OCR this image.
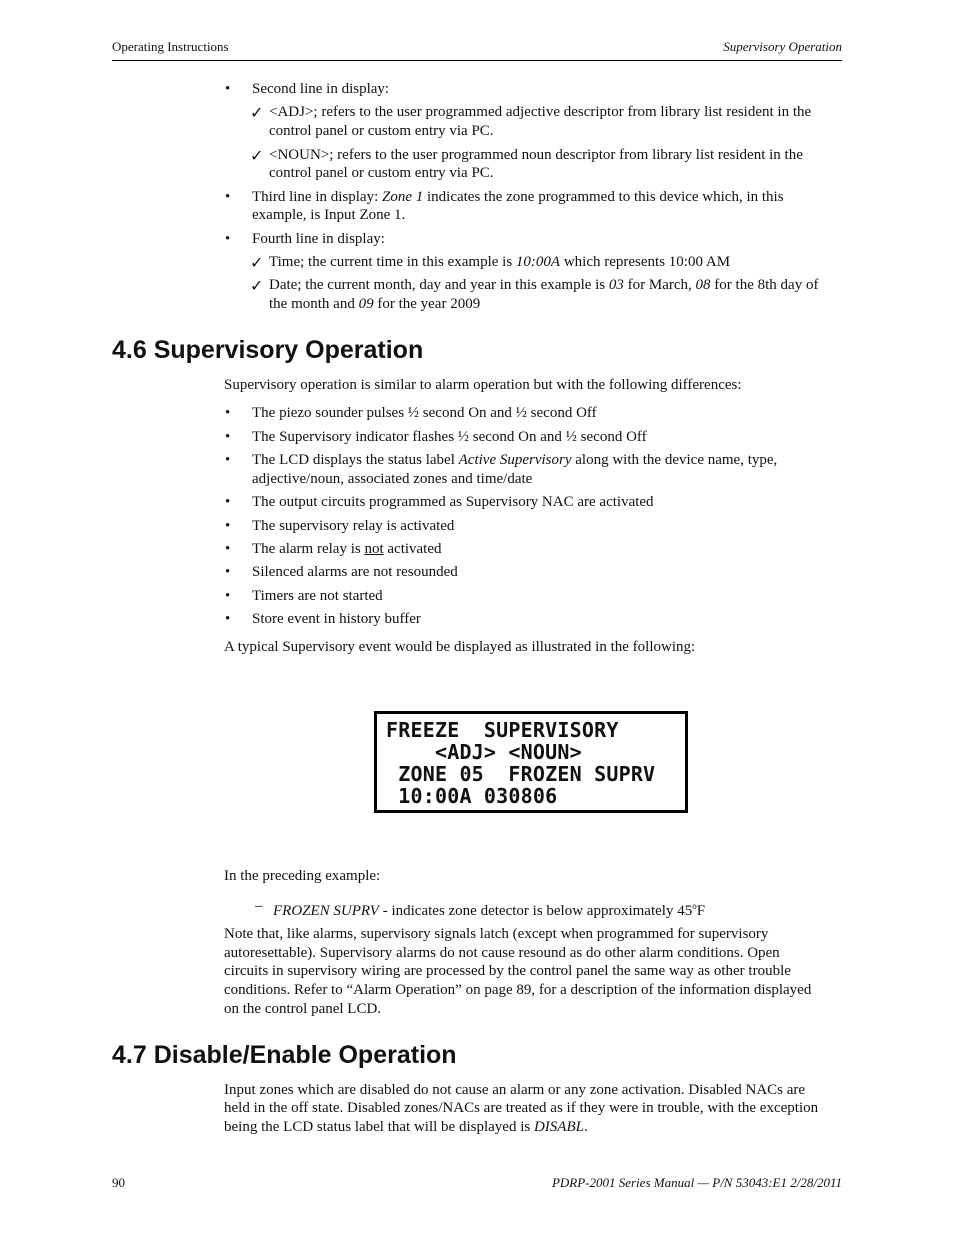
Operating Instructions	Supervisory Operation
• Second line in display:
✓ <ADJ>; refers to the user programmed adjective descriptor from library list resident in the
control panel or custom entry via PC.
✓ <NOUN>; refers to the user programmed noun descriptor from library list resident in the
control panel or custom entry via PC.
• Third line in display: Zone 1 indicates the zone programmed to this device which, in this
example, is Input Zone 1.
• Fourth line in display:
✓ Time; the current time in this example is 10:00A which represents 10:00 AM
✓ Date; the current month, day and year in this example is 03 for March, 08 for the 8th day of
the month and 09 for the year 2009
4.6 Supervisory Operation
Supervisory operation is similar to alarm operation but with the following differences:
• The piezo sounder pulses ½ second On and ½ second Off
• The Supervisory indicator flashes ½ second On and ½ second Off
• The LCD displays the status label Active Supervisory along with the device name, type,
adjective/noun, associated zones and time/date
• The output circuits programmed as Supervisory NAC are activated
• The supervisory relay is activated
• The alarm relay is not activated
• Silenced alarms are not resounded
• Timers are not started
• Store event in history buffer
A typical Supervisory event would be displayed as illustrated in the following:
FREEZE  SUPERVISORY
<ADJ> <NOUN>
ZONE 05  FROZEN SUPRV
10:00A 030806
In the preceding example:
– FROZEN SUPRV - indicates zone detector is below approximately 45$^o$F
Note that, like alarms, supervisory signals latch (except when programmed for supervisory
autoresettable). Supervisory alarms do not cause resound as do other alarm conditions. Open
circuits in supervisory wiring are processed by the control panel the same way as other trouble
conditions. Refer to “Alarm Operation” on page 89, for a description of the information displayed
on the control panel LCD.
4.7 Disable/Enable Operation
Input zones which are disabled do not cause an alarm or any zone activation. Disabled NACs are
held in the off state. Disabled zones/NACs are treated as if they were in trouble, with the exception
being the LCD status label that will be displayed is DISABL.
90	PDRP-2001 Series Manual — P/N 53043:E1 2/28/2011
